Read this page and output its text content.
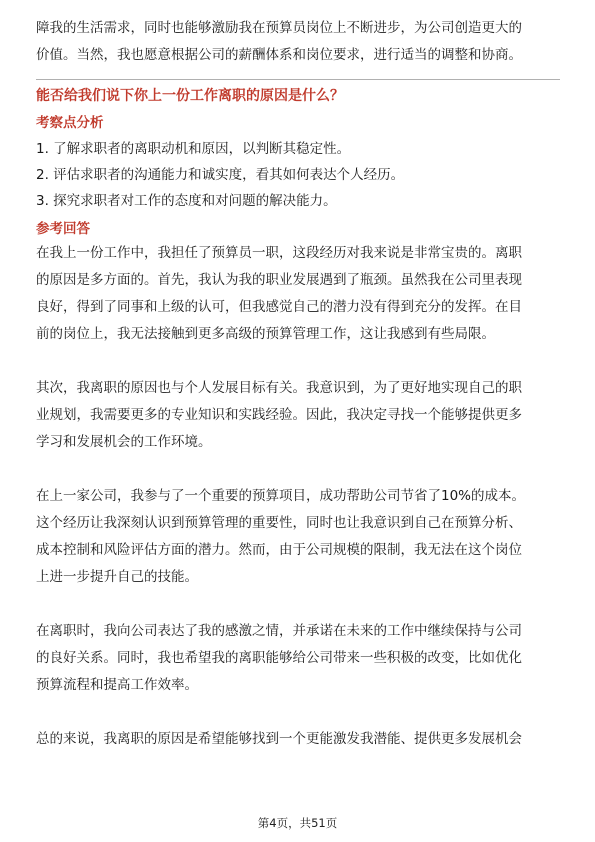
障我的生活需求，同时也能够激励我在预算员岗位上不断进步，为公司创造更大的

价值。当然，我也愿意根据公司的薪酬体系和岗位要求，进行适当的调整和协商。

能否给我们说下你上一份工作离职的原因是什么？
考察点分析
1. 了解求职者的离职动机和原因，以判断其稳定性。
2. 评估求职者的沟通能力和诚实度，看其如何表达个人经历。
3. 探究求职者对工作的态度和对问题的解决能力。
参考回答

在我上一份工作中，我担任了预算员一职，这段经历对我来说是非常宝贵的。离职

的原因是多方面的。首先，我认为我的职业发展遇到了瓶颈。虽然我在公司里表现

良好，得到了同事和上级的认可，但我感觉自己的潜力没有得到充分的发挥。在目

前的岗位上，我无法接触到更多高级的预算管理工作，这让我感到有些局限。

其次，我离职的原因也与个人发展目标有关。我意识到，为了更好地实现自己的职

业规划，我需要更多的专业知识和实践经验。因此，我决定寻找一个能够提供更多

学习和发展机会的工作环境。

在上一家公司，我参与了一个重要的预算项目，成功帮助公司节省了10%的成本。

这个经历让我深刻认识到预算管理的重要性，同时也让我意识到自己在预算分析、

成本控制和风险评估方面的潜力。然而，由于公司规模的限制，我无法在这个岗位

上进一步提升自己的技能。

在离职时，我向公司表达了我的感激之情，并承诺在未来的工作中继续保持与公司

的良好关系。同时，我也希望我的离职能够给公司带来一些积极的改变，比如优化

预算流程和提高工作效率。

总的来说，我离职的原因是希望能够找到一个更能激发我潜能、提供更多发展机会

第4页，共51页
